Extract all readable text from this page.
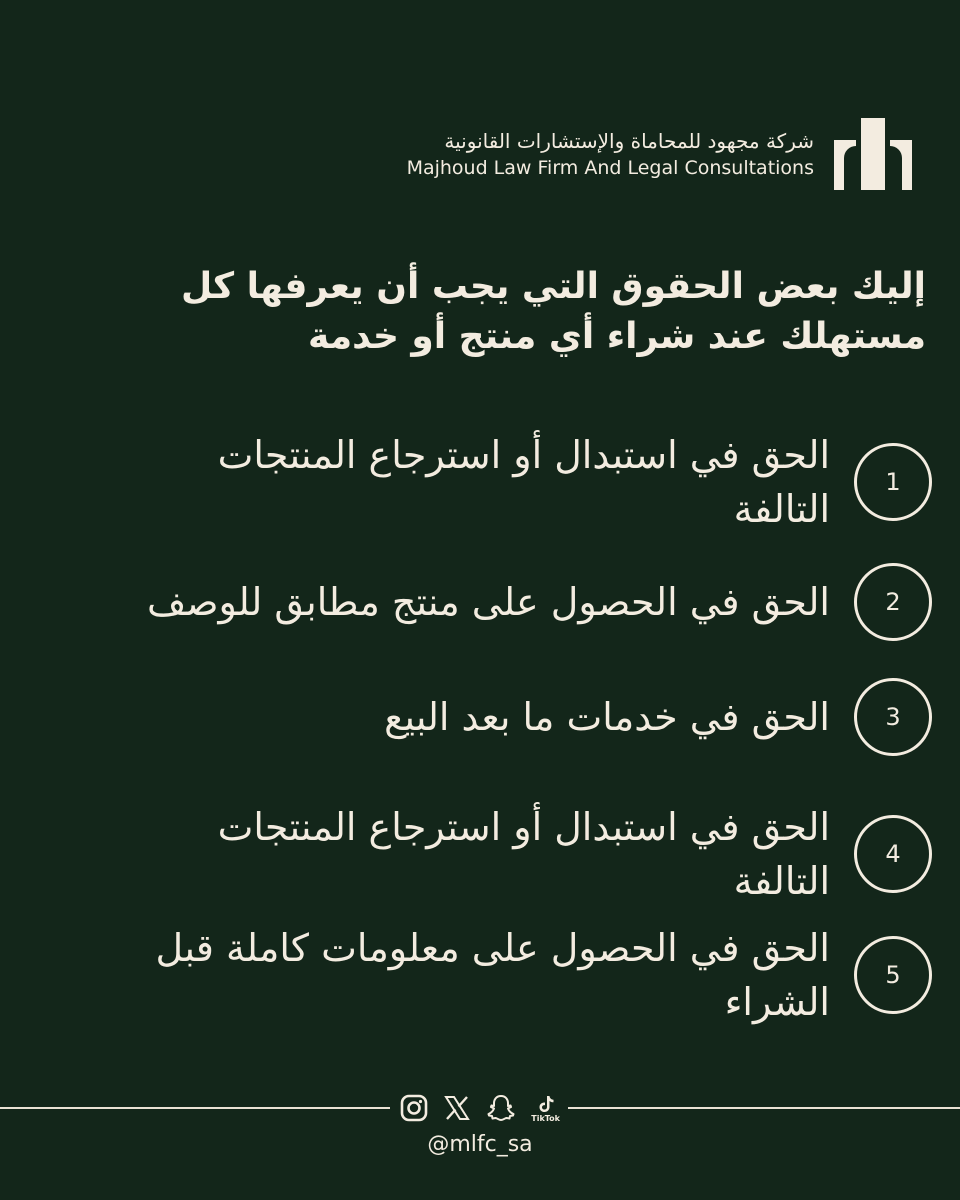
شركة مجهود للمحاماة والإستشارات القانونية
Majhoud Law Firm And Legal Consultations
إليك بعض الحقوق التي يجب أن يعرفها كل مستهلك عند شراء أي منتج أو خدمة
1
الحق في استبدال أو استرجاع المنتجات التالفة
2
الحق في الحصول على منتج مطابق للوصف
3
الحق في خدمات ما بعد البيع
4
الحق في استبدال أو استرجاع المنتجات التالفة
5
الحق في الحصول على معلومات كاملة قبل الشراء
TikTok
@mlfc_sa
